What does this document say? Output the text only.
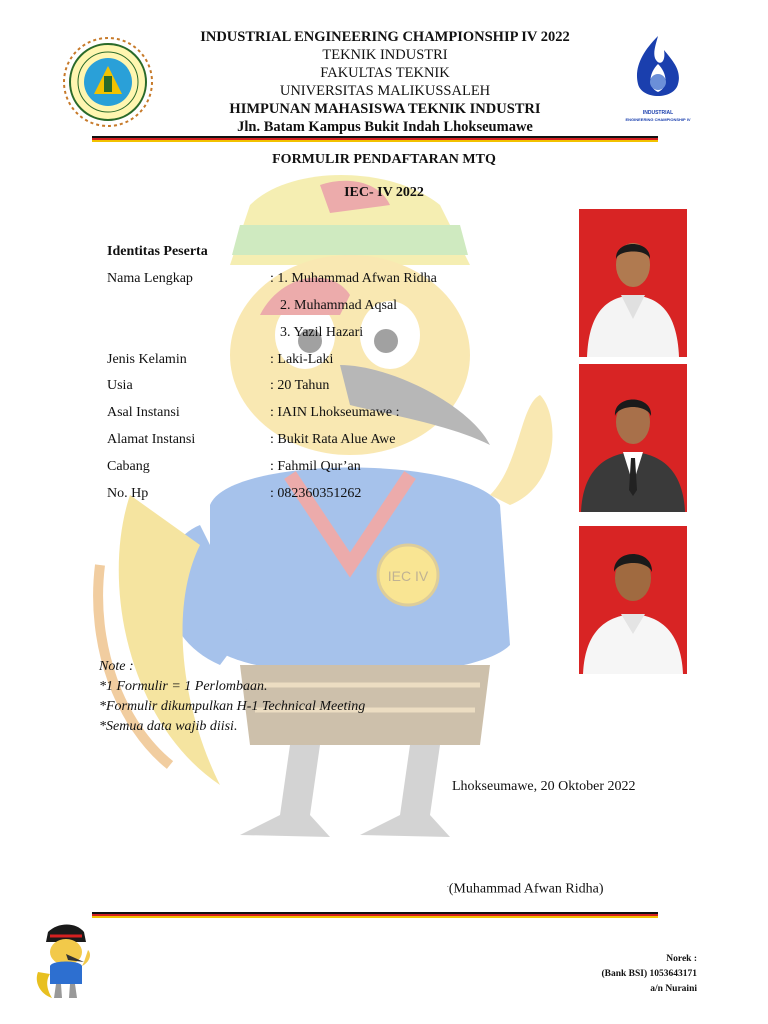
INDUSTRIAL
ENGINEERING CHAMPIONSHIP IV
INDUSTRIAL ENGINEERING CHAMPIONSHIP IV 2022
TEKNIK INDUSTRI
FAKULTAS TEKNIK
UNIVERSITAS MALIKUSSALEH
HIMPUNAN MAHASISWA TEKNIK INDUSTRI
Jln. Batam Kampus Bukit Indah Lhokseumawe
IEC IV
FORMULIR PENDAFTARAN MTQ
IEC- IV 2022
Identitas Peserta
Nama Lengkap	: 1. Muhammad Afwan Ridha
2. Muhammad Aqsal
3. Yazil Hazari
Jenis Kelamin	: Laki-Laki
Usia	: 20 Tahun
Asal Instansi	: IAIN Lhokseumawe :
Alamat Instansi	: Bukit Rata Alue Awe
Cabang	: Fahmil Qur’an
No. Hp	: 082360351262
Note :
*1 Formulir = 1 Perlombaan.
*Formulir dikumpulkan H-1 Technical Meeting
*Semua data wajib diisi.
Lhokseumawe, 20 Oktober 2022
.(Muhammad Afwan Ridha)
Norek :
(Bank BSI) 1053643171
a/n Nuraini
